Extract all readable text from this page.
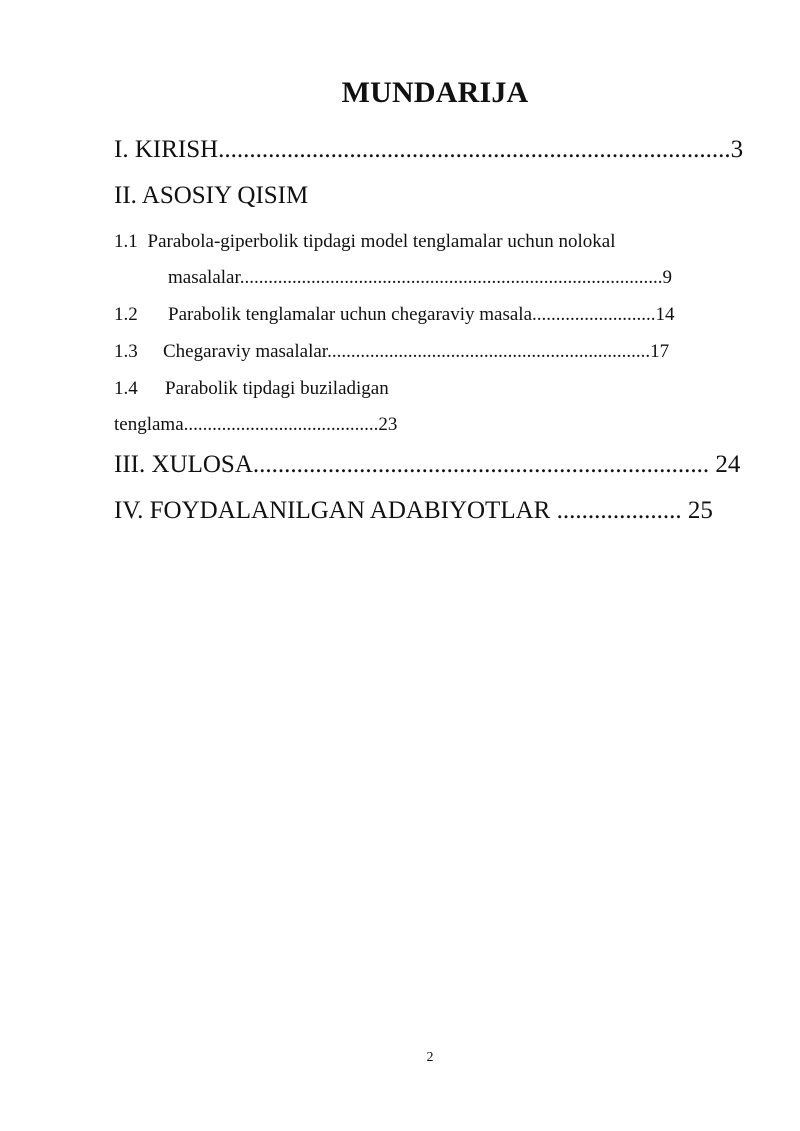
MUNDARIJA
I. KIRISH..................................................................................3
II. ASOSIY QISIM
1.1 Parabola-giperbolik tipdagi model tenglamalar uchun nolokal
masalalar.........................................................................................9
1.2 Parabolik tenglamalar uchun chegaraviy masala..........................14
1.3 Chegaraviy masalalar....................................................................17
1.4 Parabolik tipdagi buziladigan
tenglama.........................................23
III. XULOSA......................................................................... 24
IV. FOYDALANILGAN ADABIYOTLAR .................... 25
2
